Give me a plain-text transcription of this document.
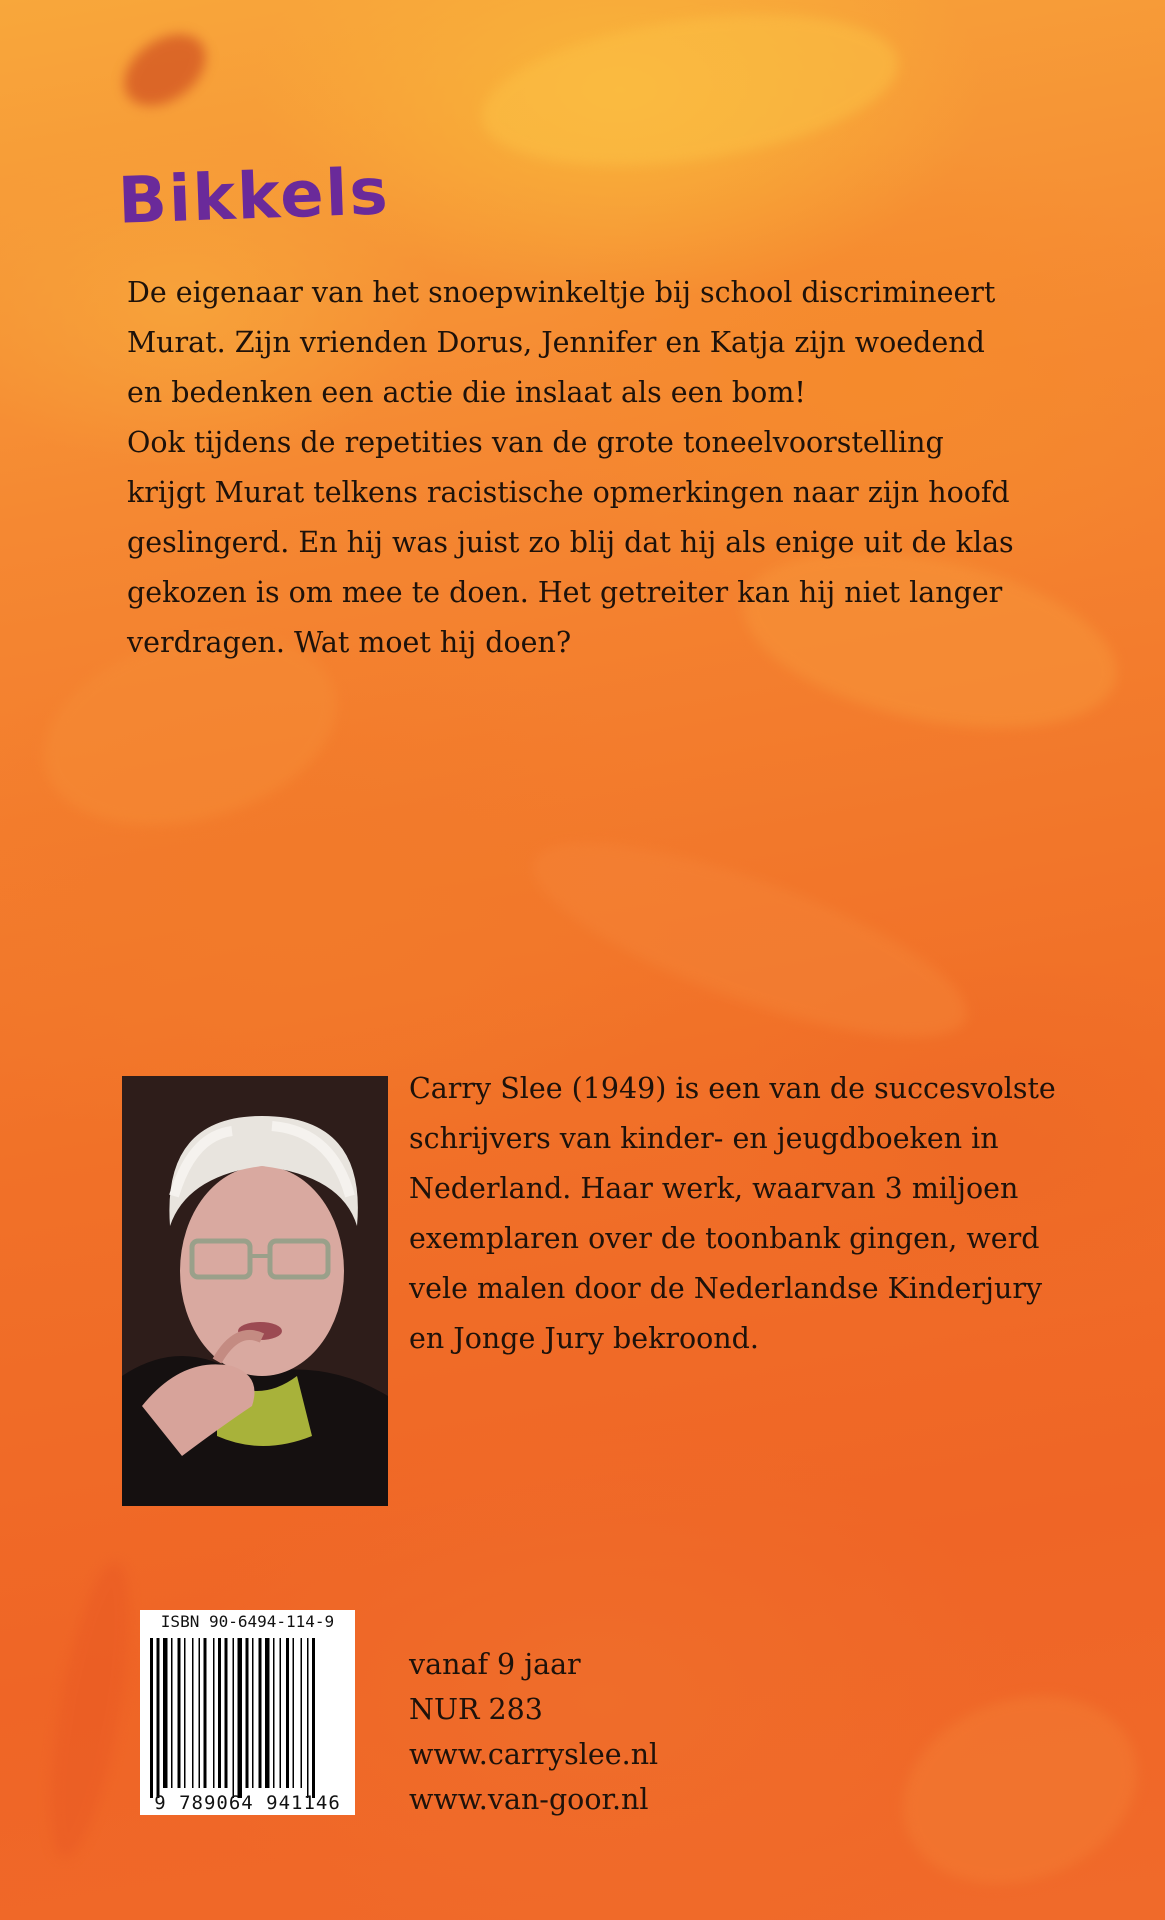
Bikkels

De eigenaar van het snoepwinkeltje bij school discrimineert

Murat. Zijn vrienden Dorus, Jennifer en Katja zijn woedend

en bedenken een actie die inslaat als een bom!

Ook tijdens de repetities van de grote toneelvoorstelling

krijgt Murat telkens racistische opmerkingen naar zijn hoofd

geslingerd. En hij was juist zo blij dat hij als enige uit de klas

gekozen is om mee te doen. Het getreiter kan hij niet langer

verdragen. Wat moet hij doen?

Carry Slee (1949) is een van de succesvolste
schrijvers van kinder- en jeugdboeken in
Nederland. Haar werk, waarvan 3 miljoen
exemplaren over de toonbank gingen, werd
vele malen door de Nederlandse Kinderjury
en Jonge Jury bekroond.
ISBN 90-6494-114-9
9 789064 941146
vanaf 9 jaar
NUR 283
www.carryslee.nl
www.van-goor.nl
